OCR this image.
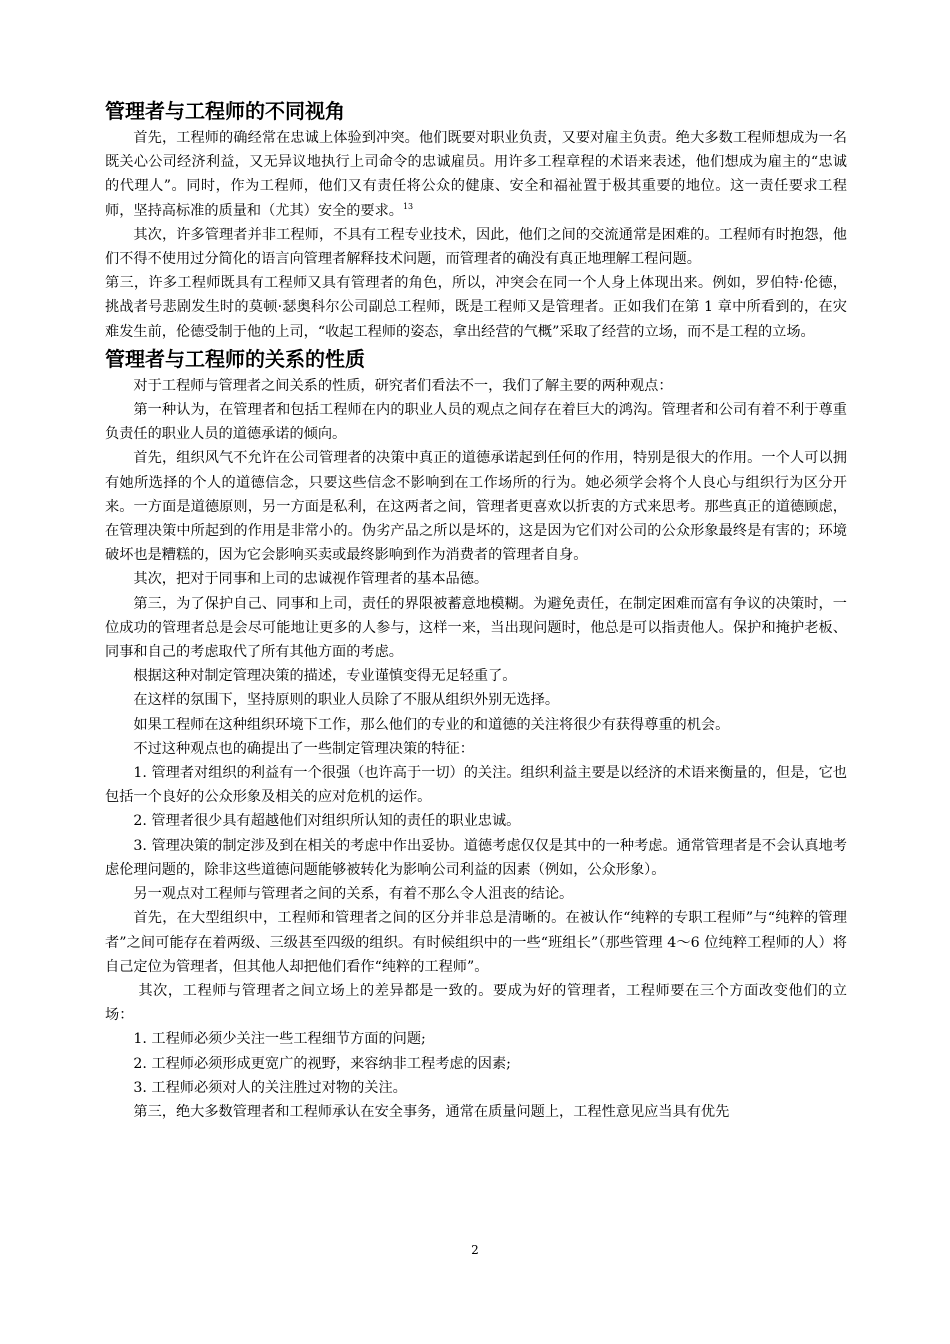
管理者与工程师的不同视角

首先，工程师的确经常在忠诚上体验到冲突。他们既要对职业负责，又要对雇主负责。绝大多数工程师想成为一名既关心公司经济利益，又无异议地执行上司命令的忠诚雇员。用许多工程章程的术语来表述，他们想成为雇主的“忠诚的代理人”。同时，作为工程师，他们又有责任将公众的健康、安全和福祉置于极其重要的地位。这一责任要求工程师，坚持高标准的质量和（尤其）安全的要求。$^{13}$

其次，许多管理者并非工程师，不具有工程专业技术，因此，他们之间的交流通常是困难的。工程师有时抱怨，他们不得不使用过分简化的语言向管理者解释技术问题，而管理者的确没有真正地理解工程问题。

第三，许多工程师既具有工程师又具有管理者的角色，所以，冲突会在同一个人身上体现出来。例如，罗伯特·伦德，挑战者号悲剧发生时的莫顿·瑟奥科尔公司副总工程师，既是工程师又是管理者。正如我们在第 1 章中所看到的，在灾难发生前，伦德受制于他的上司，“收起工程师的姿态，拿出经营的气概”采取了经营的立场，而不是工程的立场。

管理者与工程师的关系的性质

对于工程师与管理者之间关系的性质，研究者们看法不一，我们了解主要的两种观点：

第一种认为，在管理者和包括工程师在内的职业人员的观点之间存在着巨大的鸿沟。管理者和公司有着不利于尊重负责任的职业人员的道德承诺的倾向。

首先，组织风气不允许在公司管理者的决策中真正的道德承诺起到任何的作用，特别是很大的作用。一个人可以拥有她所选择的个人的道德信念，只要这些信念不影响到在工作场所的行为。她必须学会将个人良心与组织行为区分开来。一方面是道德原则，另一方面是私利，在这两者之间，管理者更喜欢以折衷的方式来思考。那些真正的道德顾虑，在管理决策中所起到的作用是非常小的。伪劣产品之所以是坏的，这是因为它们对公司的公众形象最终是有害的；环境破坏也是糟糕的，因为它会影响买卖或最终影响到作为消费者的管理者自身。

其次，把对于同事和上司的忠诚视作管理者的基本品德。

第三，为了保护自己、同事和上司，责任的界限被蓄意地模糊。为避免责任，在制定困难而富有争议的决策时，一位成功的管理者总是会尽可能地让更多的人参与，这样一来，当出现问题时，他总是可以指责他人。保护和掩护老板、同事和自己的考虑取代了所有其他方面的考虑。

根据这种对制定管理决策的描述，专业谨慎变得无足轻重了。

在这样的氛围下，坚持原则的职业人员除了不服从组织外别无选择。

如果工程师在这种组织环境下工作，那么他们的专业的和道德的关注将很少有获得尊重的机会。

不过这种观点也的确提出了一些制定管理决策的特征：

1. 管理者对组织的利益有一个很强（也许高于一切）的关注。组织利益主要是以经济的术语来衡量的，但是，它也包括一个良好的公众形象及相关的应对危机的运作。

2. 管理者很少具有超越他们对组织所认知的责任的职业忠诚。

3. 管理决策的制定涉及到在相关的考虑中作出妥协。道德考虑仅仅是其中的一种考虑。通常管理者是不会认真地考虑伦理问题的，除非这些道德问题能够被转化为影响公司利益的因素（例如，公众形象）。

另一观点对工程师与管理者之间的关系，有着不那么令人沮丧的结论。

首先，在大型组织中，工程师和管理者之间的区分并非总是清晰的。在被认作“纯粹的专职工程师”与“纯粹的管理者”之间可能存在着两级、三级甚至四级的组织。有时候组织中的一些“班组长”（那些管理 4～6 位纯粹工程师的人）将自己定位为管理者，但其他人却把他们看作“纯粹的工程师”。

其次，工程师与管理者之间立场上的差异都是一致的。要成为好的管理者，工程师要在三个方面改变他们的立场：

1. 工程师必须少关注一些工程细节方面的问题;

2. 工程师必须形成更宽广的视野，来容纳非工程考虑的因素;

3. 工程师必须对人的关注胜过对物的关注。

第三，绝大多数管理者和工程师承认在安全事务，通常在质量问题上，工程性意见应当具有优先

2
